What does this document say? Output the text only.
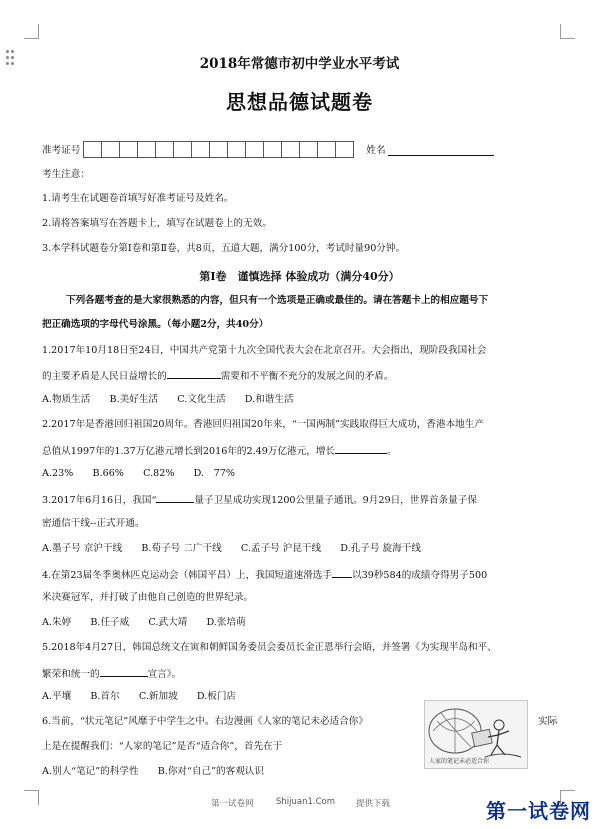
2018年常德市初中学业水平考试
思想品德试题卷
准考证号	姓名
考生注意：
1.请考生在试题卷首填写好准考证号及姓名。
2.请将答案填写在答题卡上，填写在试题卷上的无效。
3.本学科试题卷分第Ⅰ卷和第Ⅱ卷，共8页，五道大题，满分100分，考试时量90分钟。
第Ⅰ卷　谨慎选择 体验成功（满分40分）
下列各题考查的是大家很熟悉的内容，但只有一个选项是正确或最佳的。请在答题卡上的相应题号下
把正确选项的字母代号涂黑。（每小题2分，共40分）
1.2017年10月18日至24日，中国共产党第十九次全国代表大会在北京召开。大会指出，现阶段我国社会
的主要矛盾是人民日益增长的	需要和不平衡不充分的发展之间的矛盾。
A.物质生活　　B.美好生活　　C.文化生活　　D.和谐生活
2.2017年是香港回归祖国20周年。香港回归祖国20年来，“一国两制”实践取得巨大成功，香港本地生产
总值从1997年的1.37万亿港元增长到2016年的2.49万亿港元，增长	。
A.23%　　B.66%　　C.82%　　D.　77%
3.2017年6月16日，我国“	量子卫星成功实现1200公里量子通讯。9月29日，世界首条量子保
密通信干线--正式开通。
A.墨子号 京沪干线　　B.荀子号 二广干线　　C.孟子号 沪昆干线　　D.孔子号 旋海干线
4.在第23届冬季奥林匹克运动会（韩国平昌）上，我国短道速滑选手 以39秒584的成绩夺得男子500
米决赛冠军，并打破了由他自己创造的世界纪录。
A.朱婷　　B.任子威　　C.武大靖　　D.张培萌
5.2018年4月27日，韩国总统文在寅和朝鲜国务委员会委员长金正恩举行会晤，并签署《为实现半岛和平、
繁荣和统一的	宣言》。
A.平壤　　B.首尔　　C.新加坡　　D.板门店
6.当前，“状元笔记”风靡于中学生之中。右边漫画《人家的笔记未必适合你》	实际
上是在提醒我们：“人家的笔记”是否“适合你”，首先在于
A.别人“笔记”的科学性　　B.你对“自己”的客观认识
人家的笔记未必适合你
第一试卷网	Shijuan1.Com 提供下载	第一试卷网
